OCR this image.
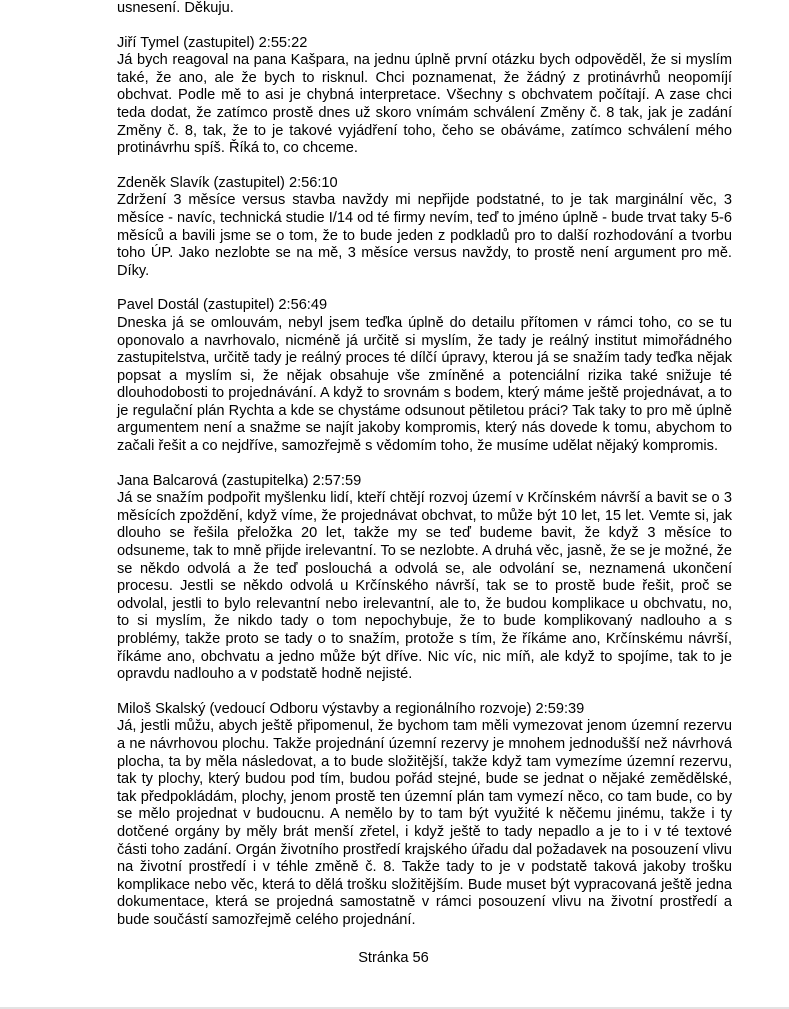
usnesení. Děkuju.

Jiří Tymel (zastupitel) 2:55:22

Já bych reagoval na pana Kašpara, na jednu úplně první otázku bych odpověděl, že si myslím také, že ano, ale že bych to risknul. Chci poznamenat, že žádný z protinávrhů neopomíjí obchvat. Podle mě to asi je chybná interpretace. Všechny s obchvatem počítají. A zase chci teda dodat, že zatímco prostě dnes už skoro vnímám schválení Změny č. 8 tak, jak je zadání Změny č. 8, tak, že to je takové vyjádření toho, čeho se obáváme, zatímco schválení mého protinávrhu spíš. Říká to, co chceme.

Zdeněk Slavík (zastupitel) 2:56:10

Zdržení 3 měsíce versus stavba navždy mi nepřijde podstatné, to je tak marginální věc, 3 měsíce - navíc, technická studie I/14 od té firmy nevím, teď to jméno úplně - bude trvat taky 5-6 měsíců a bavili jsme se o tom, že to bude jeden z podkladů pro to další rozhodování a tvorbu toho ÚP. Jako nezlobte se na mě, 3 měsíce versus navždy, to prostě není argument pro mě. Díky.

Pavel Dostál (zastupitel) 2:56:49

Dneska já se omlouvám, nebyl jsem teďka úplně do detailu přítomen v rámci toho, co se tu oponovalo a navrhovalo, nicméně já určitě si myslím, že tady je reálný institut mimořádného zastupitelstva, určitě tady je reálný proces té dílčí úpravy, kterou já se snažím tady teďka nějak popsat a myslím si, že nějak obsahuje vše zmíněné a potenciální rizika také snižuje té dlouhodobosti to projednávání. A když to srovnám s bodem, který máme ještě projednávat, a to je regulační plán Rychta a kde se chystáme odsunout pětiletou práci? Tak taky to pro mě úplně argumentem není a snažme se najít jakoby kompromis, který nás dovede k tomu, abychom to začali řešit a co nejdříve, samozřejmě s vědomím toho, že musíme udělat nějaký kompromis.

Jana Balcarová (zastupitelka) 2:57:59

Já se snažím podpořit myšlenku lidí, kteří chtějí rozvoj území v Krčínském návrší a bavit se o 3 měsících zpoždění, když víme, že projednávat obchvat, to může být 10 let, 15 let. Vemte si, jak dlouho se řešila přeložka 20 let, takže my se teď budeme bavit, že když 3 měsíce to odsuneme, tak to mně přijde irelevantní. To se nezlobte. A druhá věc, jasně, že se je možné, že se někdo odvolá a že teď poslouchá a odvolá se, ale odvolání se, neznamená ukončení procesu. Jestli se někdo odvolá u Krčínského návrší, tak se to prostě bude řešit, proč se odvolal, jestli to bylo relevantní nebo irelevantní, ale to, že budou komplikace u obchvatu, no, to si myslím, že nikdo tady o tom nepochybuje, že to bude komplikovaný nadlouho a s problémy, takže proto se tady o to snažím, protože s tím, že říkáme ano, Krčínskému návrší, říkáme ano, obchvatu a jedno může být dříve. Nic víc, nic míň, ale když to spojíme, tak to je opravdu nadlouho a v podstatě hodně nejisté.

Miloš Skalský (vedoucí Odboru výstavby a regionálního rozvoje) 2:59:39

Já, jestli můžu, abych ještě připomenul, že bychom tam měli vymezovat jenom územní rezervu a ne návrhovou plochu. Takže projednání územní rezervy je mnohem jednodušší než návrhová plocha, ta by měla následovat, a to bude složitější, takže když tam vymezíme územní rezervu, tak ty plochy, který budou pod tím, budou pořád stejné, bude se jednat o nějaké zemědělské, tak předpokládám, plochy, jenom prostě ten územní plán tam vymezí něco, co tam bude, co by se mělo projednat v budoucnu. A nemělo by to tam být využité k něčemu jinému, takže i ty dotčené orgány by měly brát menší zřetel, i když ještě to tady nepadlo a je to i v té textové části toho zadání. Orgán životního prostředí krajského úřadu dal požadavek na posouzení vlivu na životní prostředí i v téhle změně č. 8. Takže tady to je v podstatě taková jakoby trošku komplikace nebo věc, která to dělá trošku složitějším. Bude muset být vypracovaná ještě jedna dokumentace, která se projedná samostatně v rámci posouzení vlivu na životní prostředí a bude součástí samozřejmě celého projednání.

Stránka 56
